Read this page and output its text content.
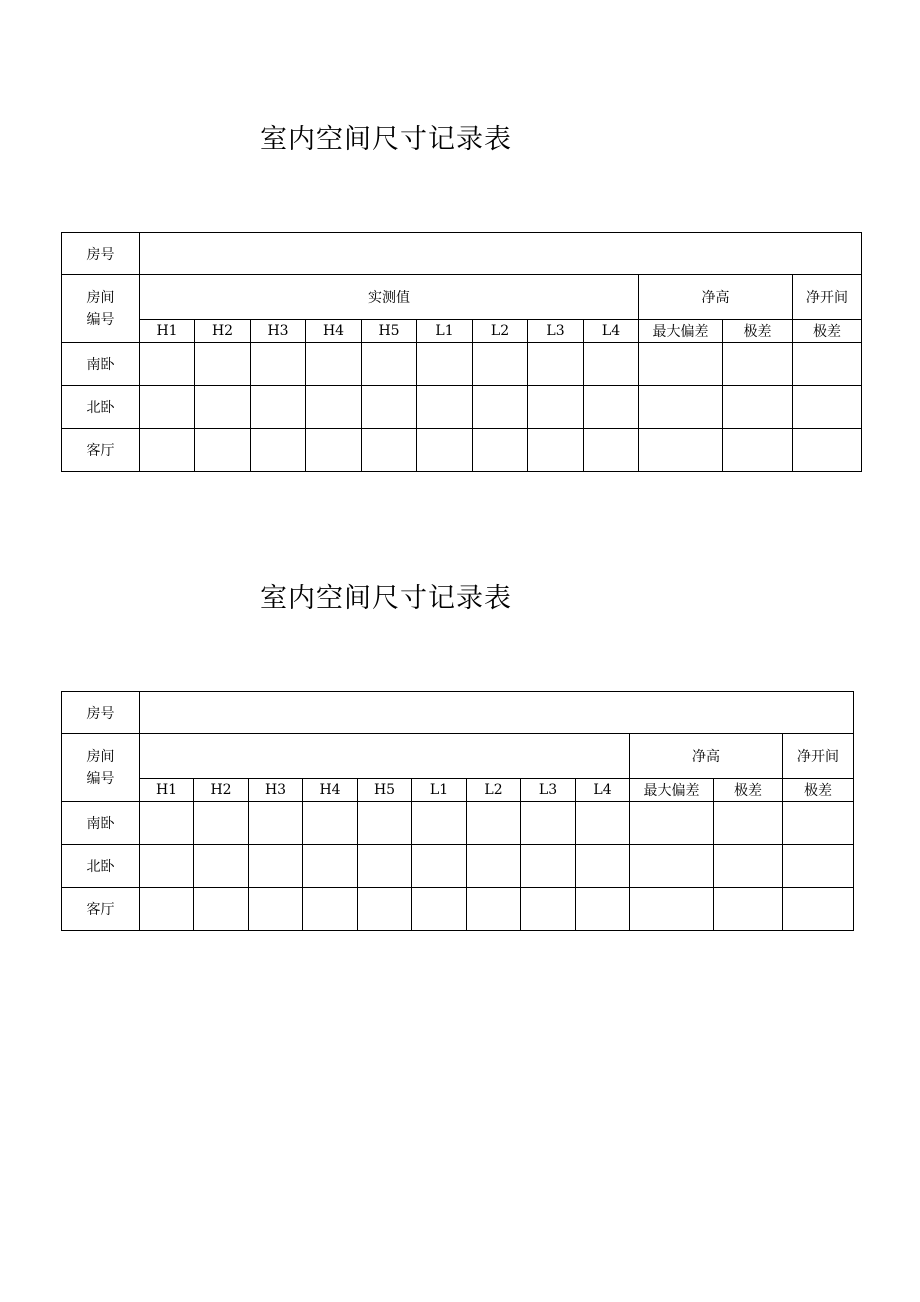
室内空间尺寸记录表
房号												

房间
编号	实测值									净高		净开间
	H1	H2	H3	H4	H5	L1	L2	L3	L4	最大偏差	极差	极差
南卧												
北卧												
客厅												
室内空间尺寸记录表
房号												

房间
编号										净高		净开间
	H1	H2	H3	H4	H5	L1	L2	L3	L4	最大偏差	极差	极差
南卧												
北卧												
客厅												
